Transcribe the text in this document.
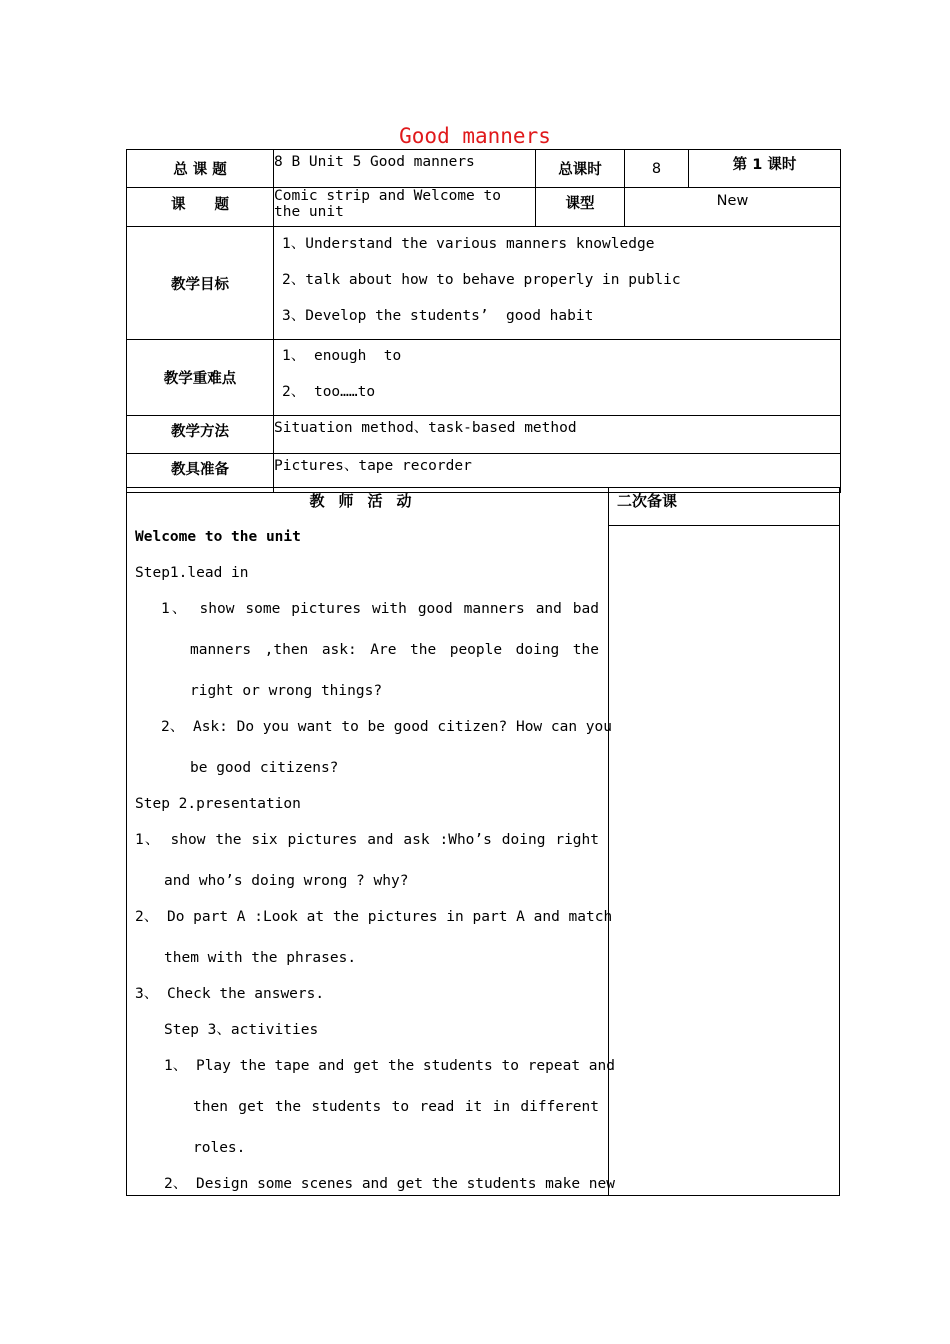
Good manners
总 课 题	8 B Unit 5 Good manners	总课时	8	第 1 课时
课　　题	Comic strip and Welcome to the unit	课型	New	
教学目标	1、Understand the various manners knowledge
2、talk about how to behave properly in public
3、Develop the students’  good habit			

教学重难点	1、 enough  to
2、 too……to			

教学方法	Situation method、task-based method			
教具准备	Pictures、tape recorder			
教师活动	二次备课
Welcome to the unit
Step1.lead in
1、 show some pictures with good manners and bad
manners ,then ask: Are the people doing the
right or wrong things?
2、 Ask: Do you want to be good citizen? How can you
be good citizens?
Step 2.presentation
1、 show the six pictures and ask :Who’s doing right
and who’s doing wrong ? why?
2、 Do part A :Look at the pictures in part A and match
them with the phrases.
3、 Check the answers.
Step 3、activities
1、 Play the tape and get the students to repeat and
then get the students to read it in different
roles.
2、 Design some scenes and get the students make new
